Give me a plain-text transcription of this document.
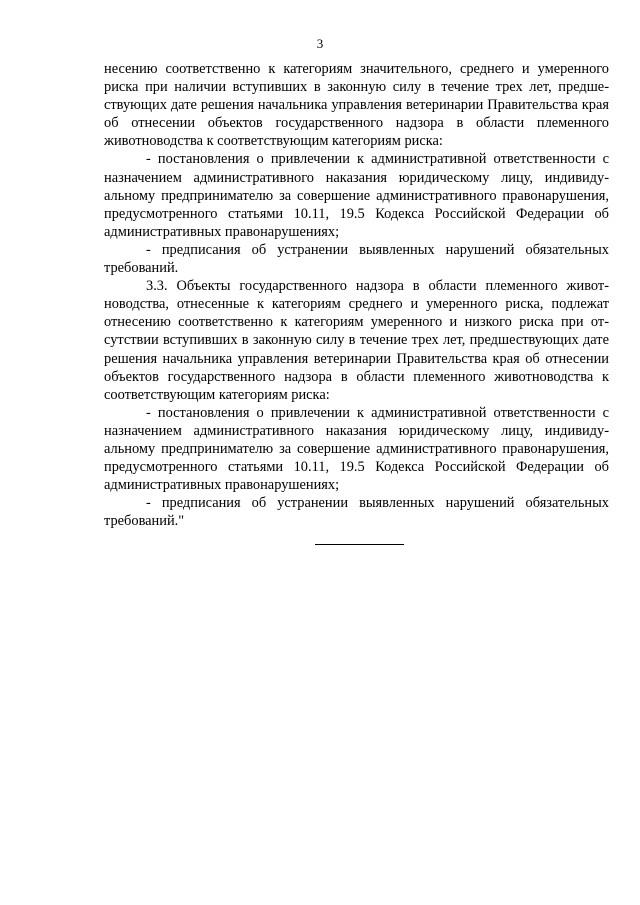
3

несению соответственно к категориям значительного, среднего и умеренного риска при наличии вступивших в законную силу в течение трех лет, предшествующих дате решения начальника управления ветеринарии Правительства края об отнесении объектов государственного надзора в области племенного животноводства к соответствующим категориям риска:

- постановления о привлечении к административной ответственности с назначением административного наказания юридическому лицу, индивидуальному предпринимателю за совершение административного правонарушения, предусмотренного статьями 10.11, 19.5 Кодекса Российской Федерации об административных правонарушениях;

- предписания об устранении выявленных нарушений обязательных требований.

3.3. Объекты государственного надзора в области племенного животноводства, отнесенные к категориям среднего и умеренного риска, подлежат отнесению соответственно к категориям умеренного и низкого риска при отсутствии вступивших в законную силу в течение трех лет, предшествующих дате решения начальника управления ветеринарии Правительства края об отнесении объектов государственного надзора в области племенного животноводства к соответствующим категориям риска:

- постановления о привлечении к административной ответственности с назначением административного наказания юридическому лицу, индивидуальному предпринимателю за совершение административного правонарушения, предусмотренного статьями 10.11, 19.5 Кодекса Российской Федерации об административных правонарушениях;

- предписания об устранении выявленных нарушений обязательных требований."
